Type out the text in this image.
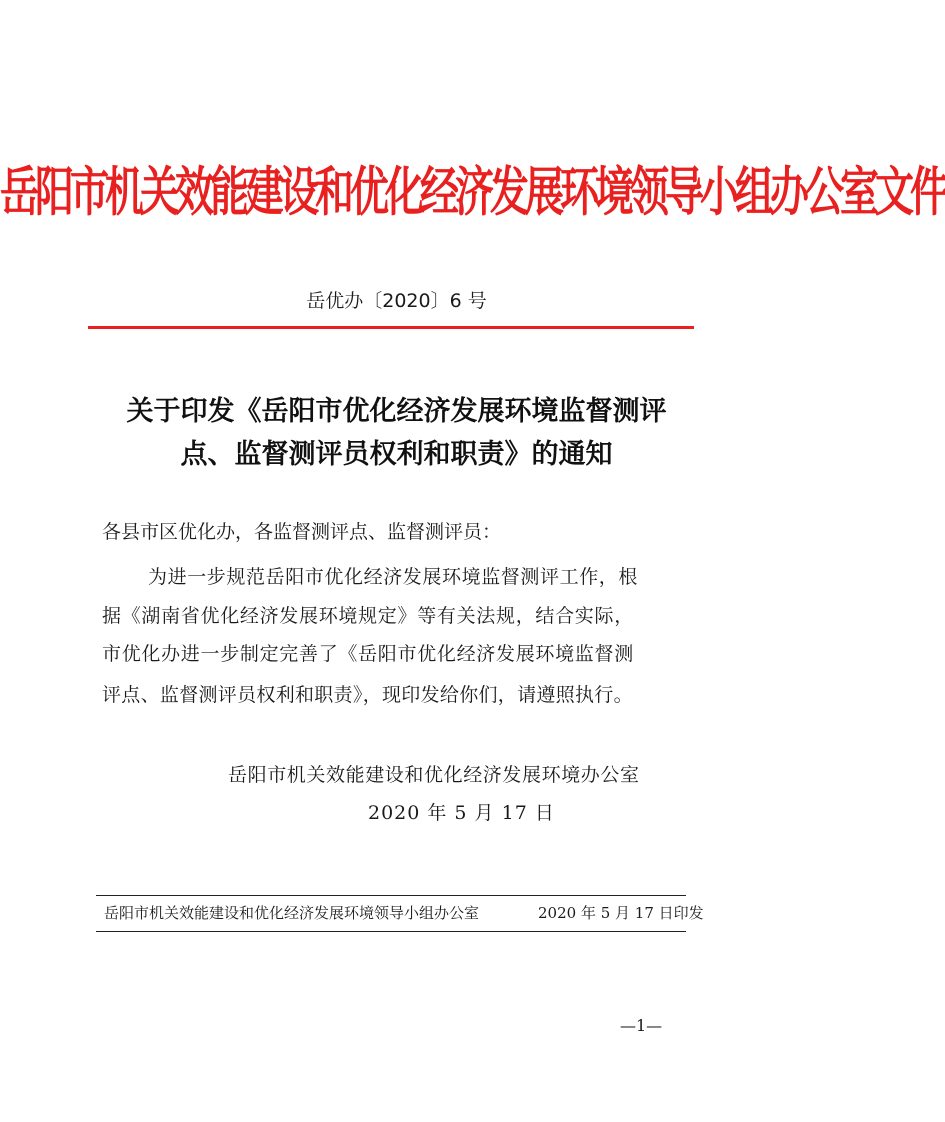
岳阳市机关效能建设和优化经济发展环境领导小组办公室文件
岳优办〔2020〕6 号
关于印发《岳阳市优化经济发展环境监督测评
点、监督测评员权利和职责》的通知
各县市区优化办，各监督测评点、监督测评员：
为进一步规范岳阳市优化经济发展环境监督测评工作，根
据《湖南省优化经济发展环境规定》等有关法规，结合实际，
市优化办进一步制定完善了《岳阳市优化经济发展环境监督测
评点、监督测评员权利和职责》，现印发给你们，请遵照执行。
岳阳市机关效能建设和优化经济发展环境办公室
2020 年 5 月 17 日
岳阳市机关效能建设和优化经济发展环境领导小组办公室	2020 年 5 月 17 日印发
—1—
